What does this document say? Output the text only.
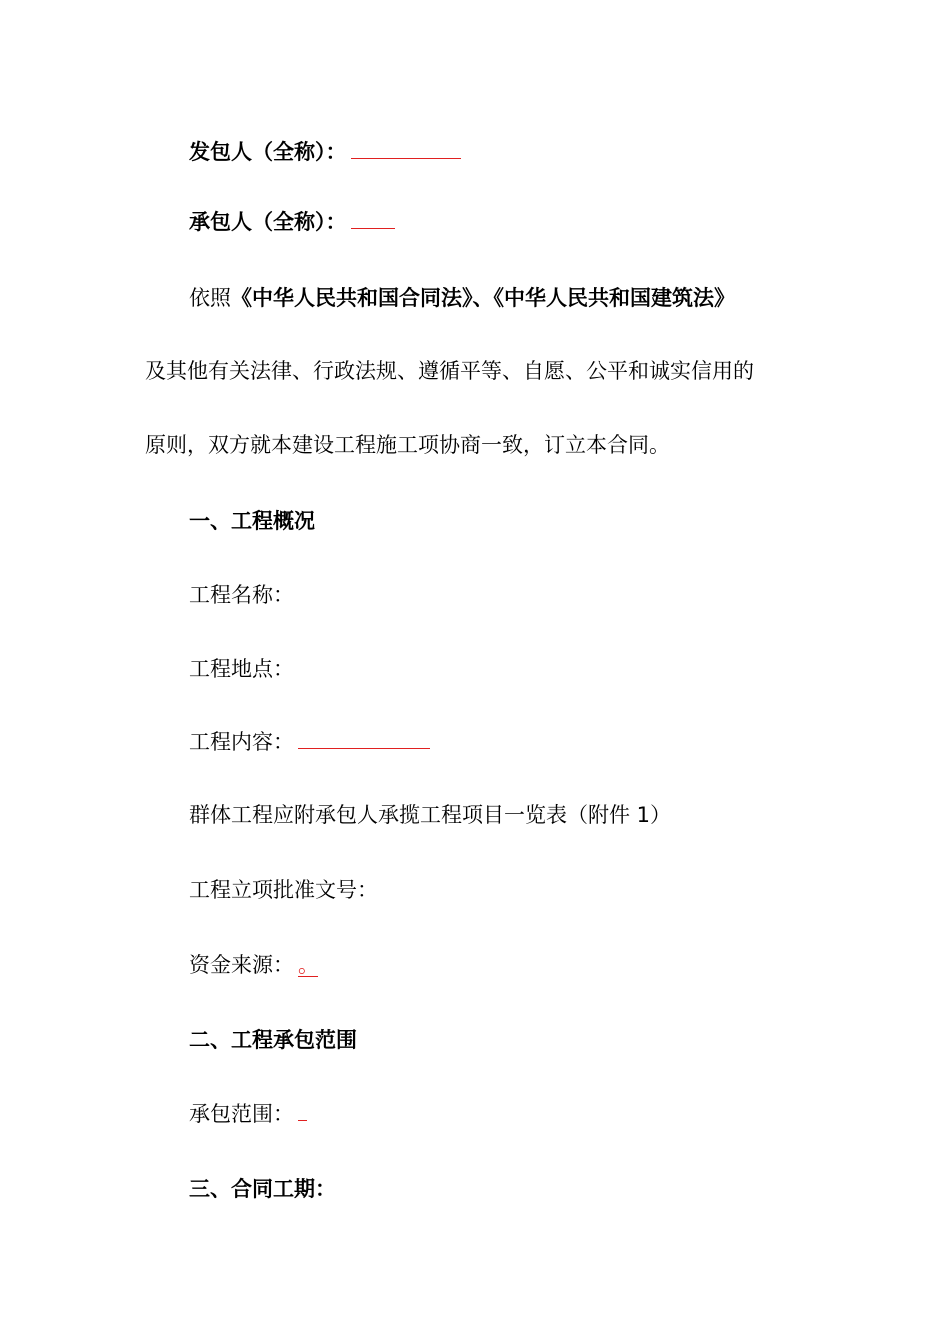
发包人（全称）：
承包人（全称）：
依照《中华人民共和国合同法》、《中华人民共和国建筑法》
及其他有关法律、行政法规、遵循平等、自愿、公平和诚实信用的
原则，双方就本建设工程施工项协商一致，订立本合同。
一、工程概况
工程名称：
工程地点：
工程内容：
群体工程应附承包人承揽工程项目一览表（附件 1）
工程立项批准文号：
资金来源： 。
二、工程承包范围
承包范围：
三、合同工期：
